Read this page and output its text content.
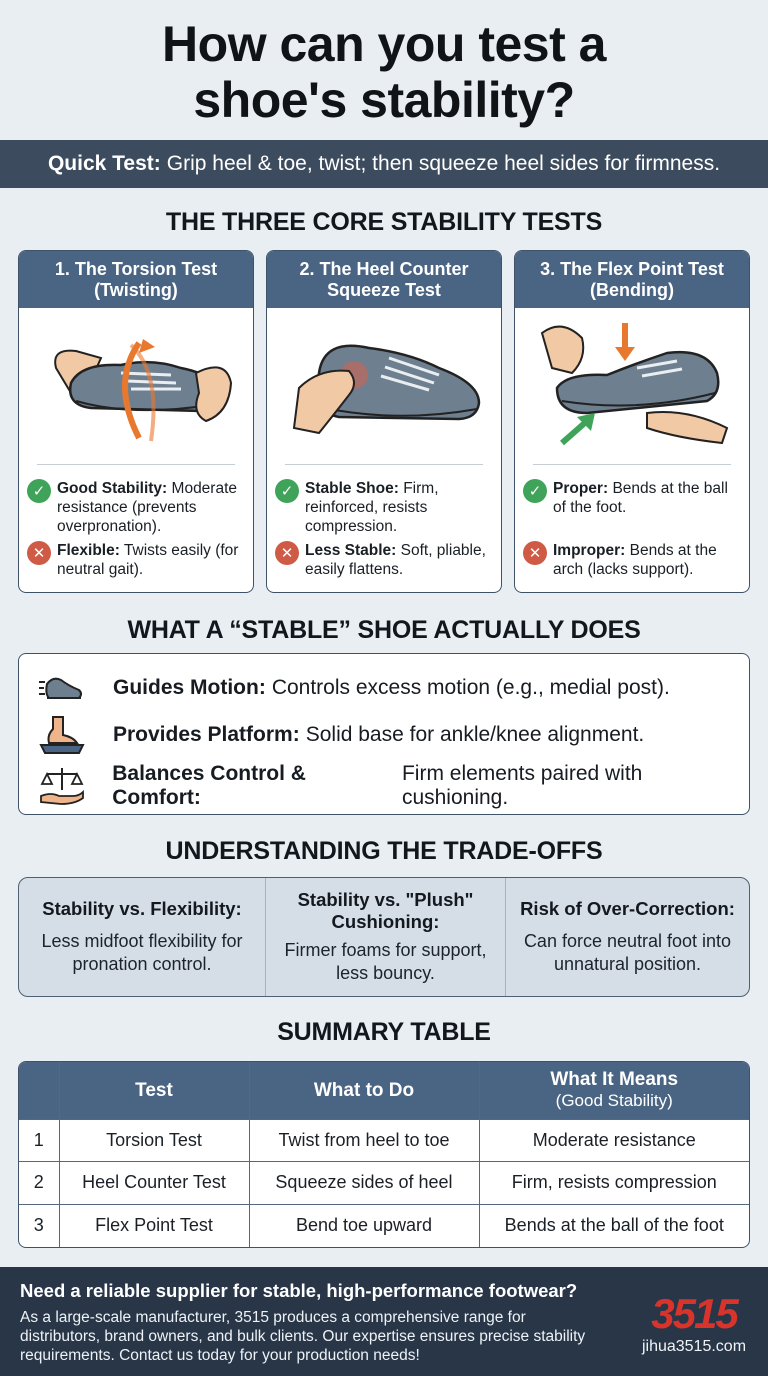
How can you test a
shoe's stability?
Quick Test: Grip heel & toe, twist; then squeeze heel sides for firmness.
THE THREE CORE STABILITY TESTS
1. The Torsion Test
(Twisting)
✓ Good Stability: Moderate resistance (prevents overpronation).
✕ Flexible: Twists easily (for neutral gait).
2. The Heel Counter
Squeeze Test
✓ Stable Shoe: Firm, reinforced, resists compression.
✕ Less Stable: Soft, pliable, easily flattens.
3. The Flex Point Test
(Bending)
✓ Proper: Bends at the ball of the foot.
✕ Improper: Bends at the arch (lacks support).
WHAT A “STABLE” SHOE ACTUALLY DOES
Guides Motion: Controls excess motion (e.g., medial post).
Provides Platform: Solid base for ankle/knee alignment.
Balances Control & Comfort:
Firm elements paired with cushioning.
UNDERSTANDING THE TRADE-OFFS
Stability vs. Flexibility:

Less midfoot flexibility for pronation control.

Stability vs. "Plush" Cushioning:

Firmer foams for support, less bouncy.

Risk of Over-Correction:

Can force neutral foot into unnatural position.

SUMMARY TABLE
	Test	What to Do	What It Means
(Good Stability)

1	Torsion Test	Twist from heel to toe	Moderate resistance
2	Heel Counter Test	Squeeze sides of heel	Firm, resists compression
3	Flex Point Test	Bend toe upward	Bends at the ball of the foot
Need a reliable supplier for stable, high-performance footwear?
As a large-scale manufacturer, 3515 produces a comprehensive range for distributors, brand owners, and bulk clients. Our expertise ensures precise stability requirements. Contact us today for your production needs!
3515
jihua3515.com
